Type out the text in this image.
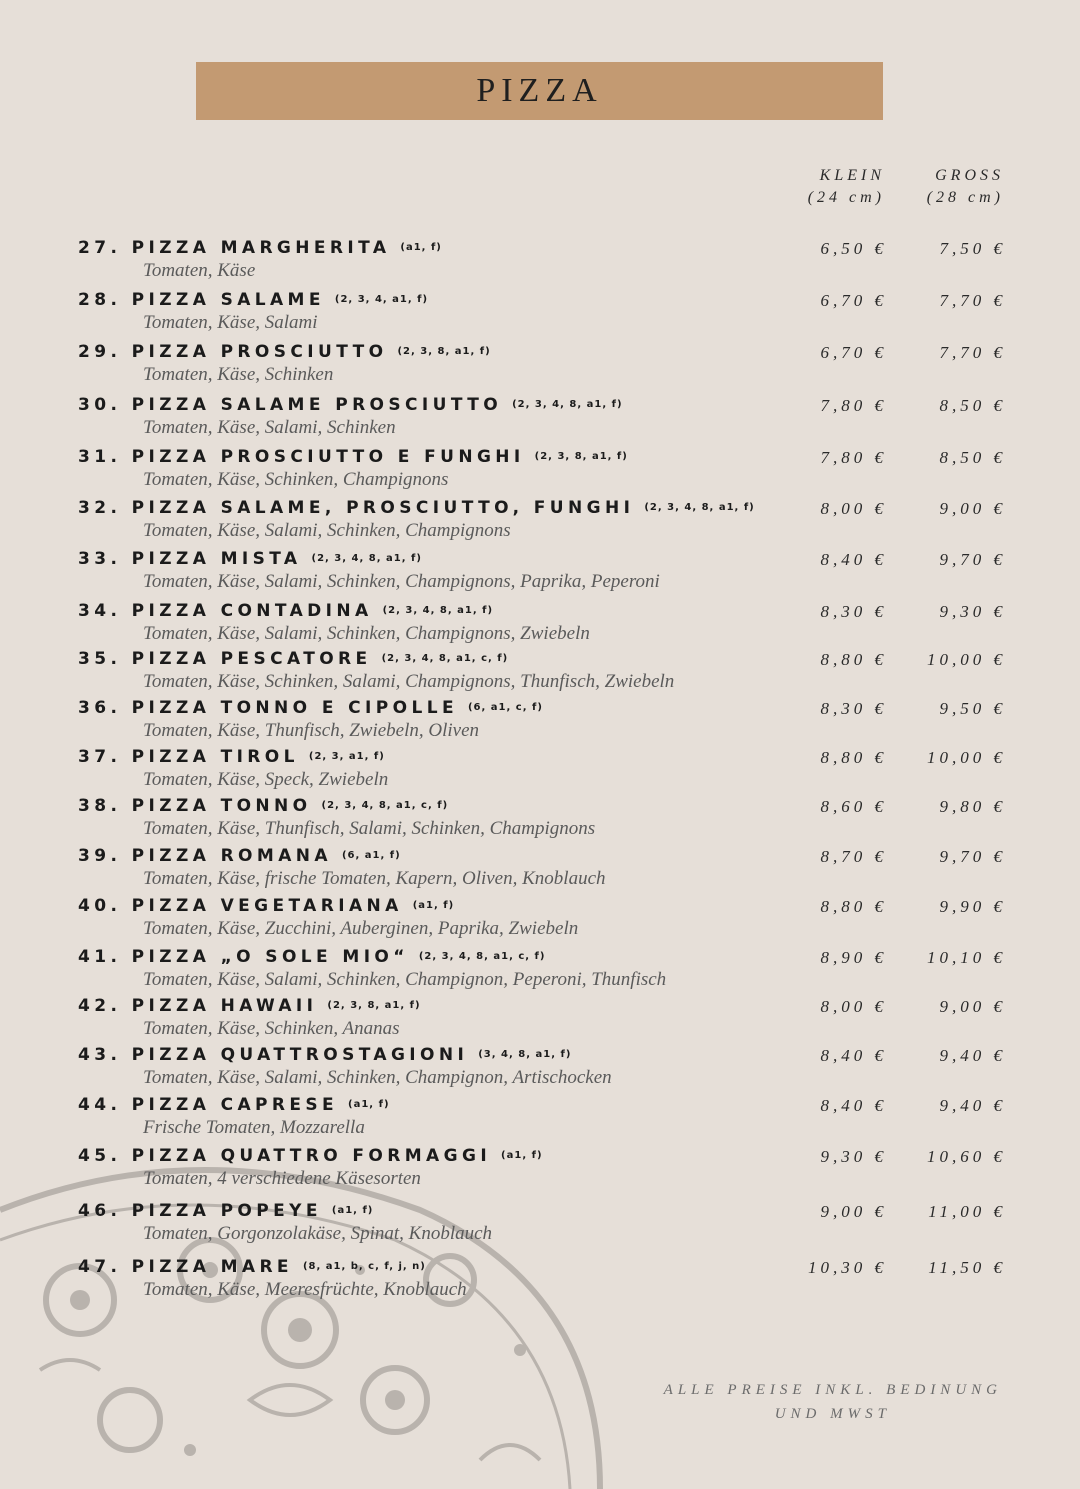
PIZZA
KLEIN
(24 cm)
GROSS
(28 cm)
27. PIZZA MARGHERITA (a1, f)
Tomaten, Käse
6,50 €	7,50 €
28. PIZZA SALAME (2, 3, 4, a1, f)
Tomaten, Käse, Salami
6,70 €	7,70 €
29. PIZZA PROSCIUTTO (2, 3, 8, a1, f)
Tomaten, Käse, Schinken
6,70 €	7,70 €
30. PIZZA SALAME PROSCIUTTO (2, 3, 4, 8, a1, f)
Tomaten, Käse, Salami, Schinken
7,80 €	8,50 €
31. PIZZA PROSCIUTTO E FUNGHI (2, 3, 8, a1, f)
Tomaten, Käse, Schinken, Champignons
7,80 €	8,50 €
32. PIZZA SALAME, PROSCIUTTO, FUNGHI (2, 3, 4, 8, a1, f)
Tomaten, Käse, Salami, Schinken, Champignons
8,00 €	9,00 €
33. PIZZA MISTA (2, 3, 4, 8, a1, f)
Tomaten, Käse, Salami, Schinken, Champignons, Paprika, Peperoni
8,40 €	9,70 €
34. PIZZA CONTADINA (2, 3, 4, 8, a1, f)
Tomaten, Käse, Salami, Schinken, Champignons, Zwiebeln
8,30 €	9,30 €
35. PIZZA PESCATORE (2, 3, 4, 8, a1, c, f)
Tomaten, Käse, Schinken, Salami, Champignons, Thunfisch, Zwiebeln
8,80 € 10,00 €
36. PIZZA TONNO E CIPOLLE (6, a1, c, f)
Tomaten, Käse, Thunfisch, Zwiebeln, Oliven
8,30 €	9,50 €
37. PIZZA TIROL (2, 3, a1, f)
Tomaten, Käse, Speck, Zwiebeln
8,80 € 10,00 €
38. PIZZA TONNO (2, 3, 4, 8, a1, c, f)
Tomaten, Käse, Thunfisch, Salami, Schinken, Champignons
8,60 €	9,80 €
39. PIZZA ROMANA (6, a1, f)
Tomaten, Käse, frische Tomaten, Kapern, Oliven, Knoblauch
8,70 €	9,70 €
40. PIZZA VEGETARIANA (a1, f)
Tomaten, Käse, Zucchini, Auberginen, Paprika, Zwiebeln
8,80 €	9,90 €
41. PIZZA „O SOLE MIO“ (2, 3, 4, 8, a1, c, f)
Tomaten, Käse, Salami, Schinken, Champignon, Peperoni, Thunfisch
8,90 € 10,10 €
42. PIZZA HAWAII (2, 3, 8, a1, f)
Tomaten, Käse, Schinken, Ananas
8,00 €	9,00 €
43. PIZZA QUATTROSTAGIONI (3, 4, 8, a1, f)
Tomaten, Käse, Salami, Schinken, Champignon, Artischocken
8,40 €	9,40 €
44. PIZZA CAPRESE (a1, f)
Frische Tomaten, Mozzarella
8,40 €	9,40 €
45. PIZZA QUATTRO FORMAGGI (a1, f)
Tomaten, 4 verschiedene Käsesorten
9,30 € 10,60 €
46. PIZZA POPEYE (a1, f)
Tomaten, Gorgonzolakäse, Spinat, Knoblauch
9,00 € 11,00 €
47. PIZZA MARE (8, a1, b, c, f, j, n)
Tomaten, Käse, Meeresfrüchte, Knoblauch
10,30 € 11,50 €
ALLE PREISE INKL. BEDINUNG
UND MWST
